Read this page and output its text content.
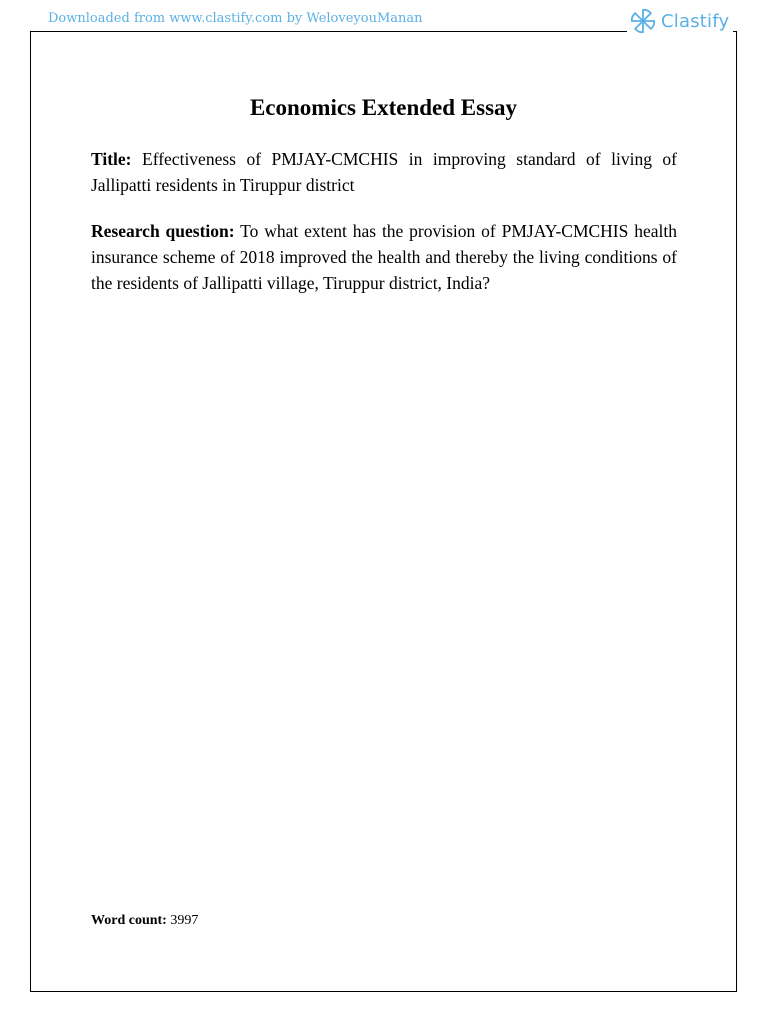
Downloaded from www.clastify.com by WeloveyouManan	Clastify
Economics Extended Essay
Title: Effectiveness of PMJAY-CMCHIS in improving standard of living of Jallipatti residents in Tiruppur district
Research question: To what extent has the provision of PMJAY-CMCHIS health insurance scheme of 2018 improved the health and thereby the living conditions of the residents of Jallipatti village, Tiruppur district, India?
Word count: 3997
